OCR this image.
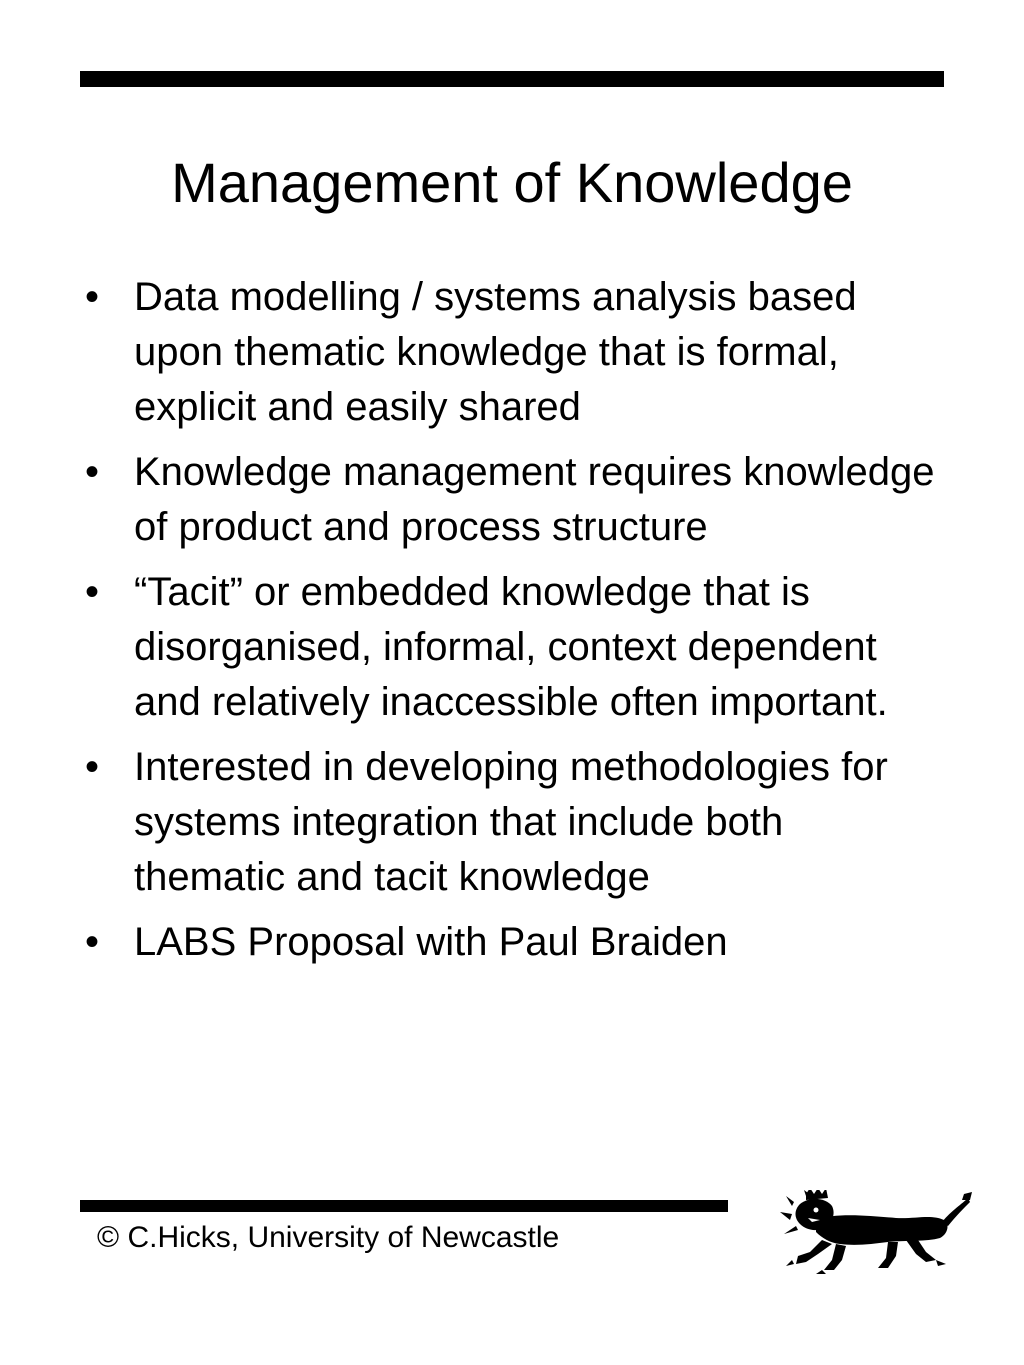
Management of Knowledge
• Data modelling / systems analysis based upon thematic knowledge that is formal, explicit and easily shared
• Knowledge management requires knowledge of product and process structure
• “Tacit” or embedded knowledge that is disorganised, informal, context dependent and relatively inaccessible often important.
• Interested in developing methodologies for systems integration that include both thematic and tacit knowledge
• LABS Proposal with Paul Braiden
© C.Hicks, University of Newcastle
